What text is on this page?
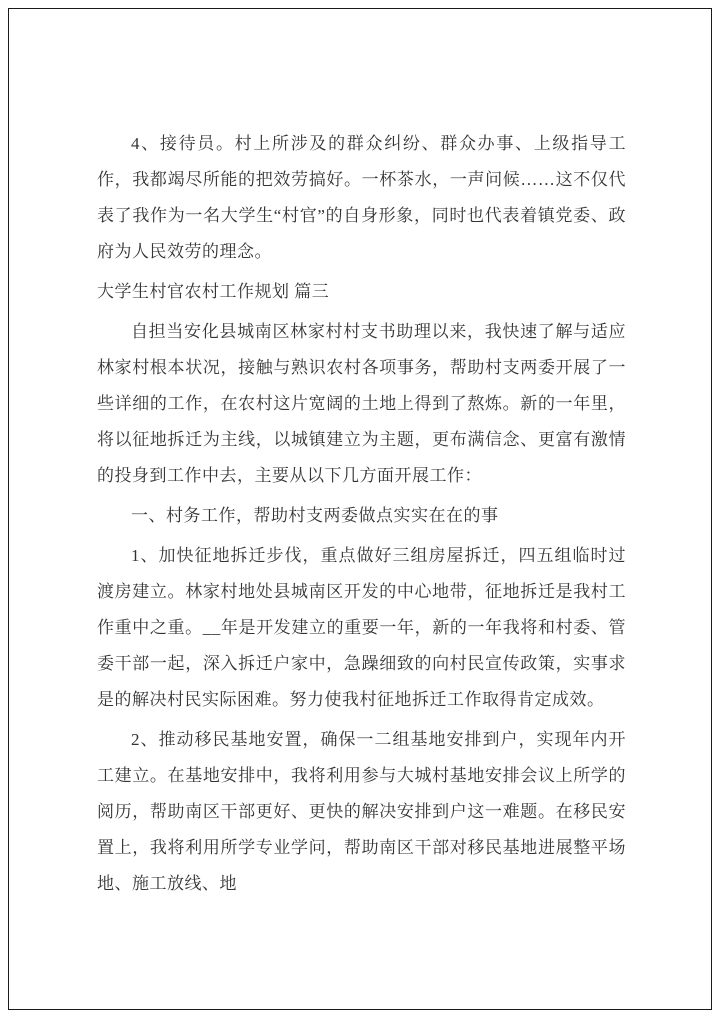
4、接待员。村上所涉及的群众纠纷、群众办事、上级指导工作，我都竭尽所能的把效劳搞好。一杯茶水，一声问候……这不仅代表了我作为一名大学生“村官”的自身形象，同时也代表着镇党委、政府为人民效劳的理念。

大学生村官农村工作规划 篇三

自担当安化县城南区林家村村支书助理以来，我快速了解与适应林家村根本状况，接触与熟识农村各项事务，帮助村支两委开展了一些详细的工作，在农村这片宽阔的土地上得到了熬炼。新的一年里，将以征地拆迁为主线，以城镇建立为主题，更布满信念、更富有激情的投身到工作中去，主要从以下几方面开展工作：

一、村务工作，帮助村支两委做点实实在在的事

1、加快征地拆迁步伐，重点做好三组房屋拆迁，四五组临时过渡房建立。林家村地处县城南区开发的中心地带，征地拆迁是我村工作重中之重。__年是开发建立的重要一年，新的一年我将和村委、管委干部一起，深入拆迁户家中，急躁细致的向村民宣传政策，实事求是的解决村民实际困难。努力使我村征地拆迁工作取得肯定成效。

2、推动移民基地安置，确保一二组基地安排到户，实现年内开工建立。在基地安排中，我将利用参与大城村基地安排会议上所学的阅历，帮助南区干部更好、更快的解决安排到户这一难题。在移民安置上，我将利用所学专业学问，帮助南区干部对移民基地进展整平场地、施工放线、地
